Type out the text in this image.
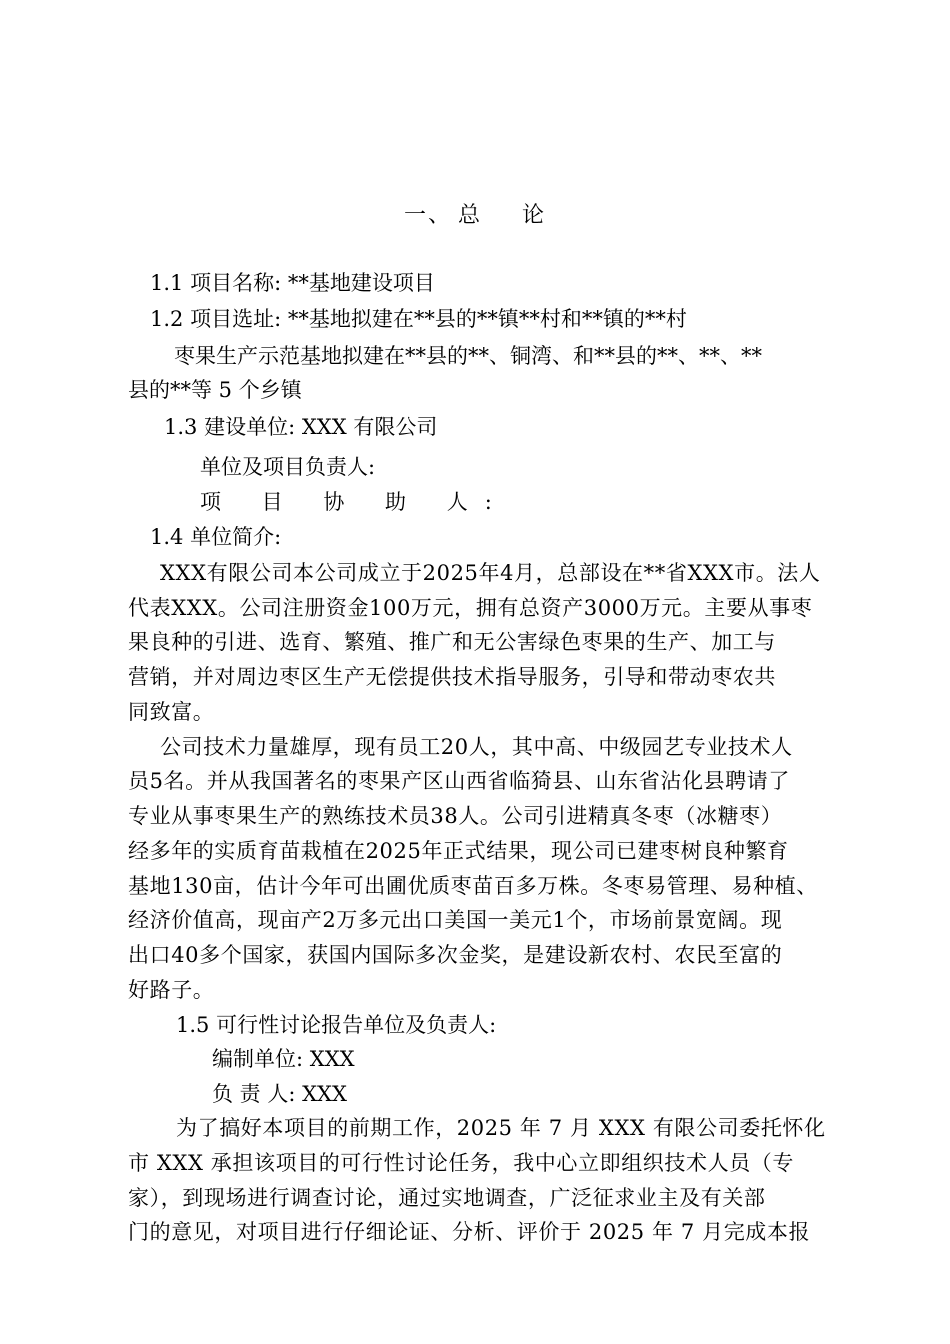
一、 总 论
1.1 项目名称: **基地建设项目
1.2 项目选址: **基地拟建在**县的**镇**村和**镇的**村
枣果生产示范基地拟建在**县的**、铜湾、和**县的**、**、**
县的**等 5 个乡镇
1.3 建设单位: XXX 有限公司
单位及项目负责人:
项 目 协 助 人:
1.4 单位简介:
XXX有限公司本公司成立于2025年4月，总部设在**省XXX市。法人
代表XXX。公司注册资金100万元，拥有总资产3000万元。主要从事枣
果良种的引进、选育、繁殖、推广和无公害绿色枣果的生产、加工与
营销，并对周边枣区生产无偿提供技术指导服务，引导和带动枣农共
同致富。
公司技术力量雄厚，现有员工20人，其中高、中级园艺专业技术人
员5名。并从我国著名的枣果产区山西省临猗县、山东省沾化县聘请了
专业从事枣果生产的熟练技术员38人。公司引进精真冬枣（冰糖枣）
经多年的实质育苗栽植在2025年正式结果，现公司已建枣树良种繁育
基地130亩，估计今年可出圃优质枣苗百多万株。冬枣易管理、易种植、
经济价值高，现亩产2万多元出口美国一美元1个，市场前景宽阔。现
出口40多个国家，获国内国际多次金奖，是建设新农村、农民至富的
好路子。
1.5 可行性讨论报告单位及负责人:
编制单位: XXX
负 责 人: XXX
为了搞好本项目的前期工作，2025 年 7 月 XXX 有限公司委托怀化
市 XXX 承担该项目的可行性讨论任务，我中心立即组织技术人员（专
家），到现场进行调查讨论，通过实地调查，广泛征求业主及有关部
门的意见，对项目进行仔细论证、分析、评价于 2025 年 7 月完成本报
